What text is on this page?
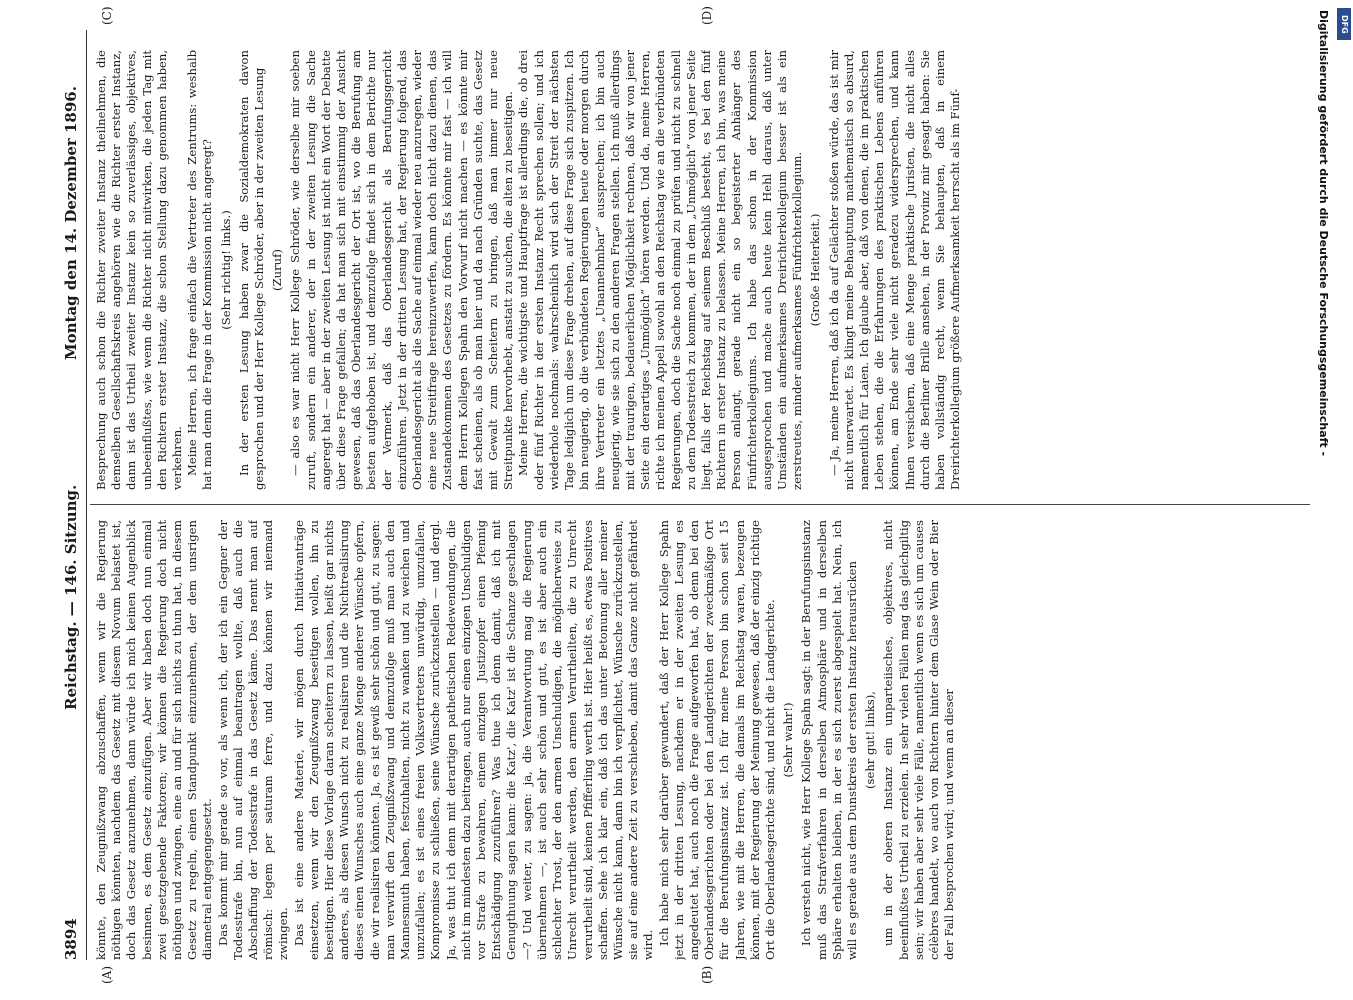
3894
Reichstag. — 146. Sitzung.
Montag den 14. Dezember 1896.
(A)	(B)
(C)	(D)

könnte, den Zeugnißzwang abzuschaffen, wenn wir die Regierung nöthigen könnten, nachdem das Gesetz mit diesem Novum belastet ist, doch das Gesetz anzunehmen, dann würde ich mich keinen Augenblick besinnen, es dem Gesetz einzufügen. Aber wir haben doch nun einmal zwei gesetzgebende Faktoren; wir können die Regierung doch nicht nöthigen und zwingen, eine an und für sich nichts zu thun hat, in diesem Gesetz zu regeln, einen Standpunkt einzunehmen, der dem unsrigen diametral entgegengesetzt. Das kommt mir gerade so vor, als wenn ich, der ich ein Gegner der Todesstrafe bin, nun auf einmal beantragen wollte, daß auch die Abschaffung der Todesstrafe in das Gesetz käme. Das nennt man auf römisch: legem per saturam ferre, und dazu können wir niemand zwingen. Das ist eine andere Materie, wir mögen durch Initiativanträge einsetzen, wenn wir den Zeugnißzwang beseitigen wollen, ihn zu beseitigen. Hier diese Vorlage daran scheitern zu lassen, heißt gar nichts anderes, als diesen Wunsch nicht zu realisiren und die Nichtrealisirung dieses einen Wunsches auch eine ganze Menge anderer Wünsche opfern, die wir realisiren könnten. Ja, es ist gewiß sehr schön und gut, zu sagen: man verwirft den Zeugnißzwang und demzufolge muß man auch den Mannesmuth haben, festzuhalten, nicht zu wanken und zu weichen und umzufallen; es ist eines freien Volksvertreters unwürdig, umzufallen, Kompromisse zu schließen, seine Wünsche zurückzustellen — und dergl. Ja, was thut ich denn mit derartigen pathetischen Redewendungen, die nicht im mindesten dazu beitragen, auch nur einen einzigen Unschuldigen vor Strafe zu bewahren, einem einzigen Justizopfer einen Pfennig Entschädigung zuzuführen? Was thue ich denn damit, daß ich mit Genugthuung sagen kann: die Katz', die Katz' ist die Schanze geschlagen —? Und weiter, zu sagen: ja, die Verantwortung mag die Regierung übernehmen —, ist auch sehr schön und gut, es ist aber auch ein schlechter Trost, der den armen Unschuldigen, die möglicherweise zu Unrecht verurtheilt werden, den armen Verurtheilten, die zu Unrecht verurtheilt sind, keinen Pfifferling werth ist. Hier heißt es, etwas Positives schaffen. Sehe ich klar ein, daß ich das unter Betonung aller meiner Wünsche nicht kann, dann bin ich verpflichtet, Wünsche zurückzustellen, sie auf eine andere Zeit zu verschieben, damit das Ganze nicht gefährdet wird. Ich habe mich sehr darüber gewundert, daß der Herr Kollege Spahn jetzt in der dritten Lesung, nachdem er in der zweiten Lesung es angedeutet hat, auch noch die Frage aufgeworfen hat, ob denn bei den Oberlandesgerichten oder bei den Landgerichten der zweckmäßige Ort für die Berufungsinstanz ist. Ich für meine Person bin schon seit 15 Jahren, wie mit die Herren, die damals im Reichstag waren, bezeugen können, mit der Regierung der Meinung gewesen, daß der einzig richtige Ort die Oberlandesgerichte sind, und nicht die Landgerichte. (Sehr wahr!) Ich versteh nicht, wie Herr Kollege Spahn sagt: in der Berufungsinstanz muß das Strafverfahren in derselben Atmosphäre und in derselben Sphäre erhalten bleiben, in der es sich zuerst abgespielt hat. Nein, ich will es gerade aus dem Dunstkreis der ersten Instanz herausrücken (sehr gut! links), um in der oberen Instanz ein unparteiisches, objektives, nicht beeinflußtes Urtheil zu erzielen. In sehr vielen Fällen mag das gleichgiltig sein; wir haben aber sehr viele Fälle, namentlich wenn es sich um causes célèbres handelt, wo auch von Richtern hinter dem Glase Wein oder Bier der Fall besprochen wird; und wenn an dieser

Besprechung auch schon die Richter zweiter Instanz theilnehmen, die demselben Gesellschaftskreis angehören wie die Richter erster Instanz, dann ist das Urtheil zweiter Instanz kein so zuverlässiges, objektives, unbeeinflußtes, wie wenn die Richter nicht mitwirken, die jeden Tag mit den Richtern erster Instanz, die schon Stellung dazu genommen haben, verkehren. Meine Herren, ich frage einfach die Vertreter des Zentrums: weshalb hat man denn die Frage in der Kommission nicht angeregt? (Sehr richtig! links.) In der ersten Lesung haben zwar die Sozialdemokraten davon gesprochen und der Herr Kollege Schröder, aber in der zweiten Lesung (Zuruf) — also es war nicht Herr Kollege Schröder, wie derselbe mir soeben zuruft, sondern ein anderer, der in der zweiten Lesung die Sache angeregt hat — aber in der zweiten Lesung ist nicht ein Wort der Debatte über diese Frage gefallen; da hat man sich mit einstimmig der Ansicht gewesen, daß das Oberlandesgericht der Ort ist, wo die Berufung am besten aufgehoben ist, und demzufolge findet sich in dem Berichte nur der Vermerk, daß das Oberlandesgericht als Berufungsgericht einzuführen. Jetzt in der dritten Lesung hat, der Regierung folgend, das Oberlandesgericht als die Sache auf einmal wieder neu anzuregen, wieder eine neue Streitfrage hereinzuwerfen, kann doch nicht dazu dienen, das Zustandekommen des Gesetzes zu fördern. Es könnte mir fast — ich will dem Herrn Kollegen Spahn den Vorwurf nicht machen — es könnte mir fast scheinen, als ob man hier und da nach Gründen suchte, das Gesetz mit Gewalt zum Scheitern zu bringen, daß man immer nur neue Streitpunkte hervorhebt, anstatt zu suchen, die alten zu beseitigen. Meine Herren, die wichtigste und Hauptfrage ist allerdings die, ob drei oder fünf Richter in der ersten Instanz Recht sprechen sollen; und ich wiederhole nochmals: wahrscheinlich wird sich der Streit der nächsten Tage lediglich um diese Frage drehen, auf diese Frage sich zuspitzen. Ich bin neugierig, ob die verbündeten Regierungen heute oder morgen durch ihre Vertreter ein letztes „Unannehmbar“ aussprechen; ich bin auch neugierig, wie sie sich zu den anderen Fragen stellen. Ich muß allerdings mit der traurigen, bedauerlichen Möglichkeit rechnen, daß wir von jener Seite ein derartiges „Unmöglich“ hören werden. Und da, meine Herren, richte ich meinen Appell sowohl an den Reichstag wie an die verbündeten Regierungen, doch die Sache noch einmal zu prüfen und nicht zu schnell zu dem Todesstreich zu kommen, der in dem „Unmöglich“ von jener Seite liegt, falls der Reichstag auf seinem Beschluß besteht, es bei den fünf Richtern in erster Instanz zu belassen. Meine Herren, ich bin, was meine Person anlangt, gerade nicht ein so begeisterter Anhänger des Fünfrichterkollegiums. Ich habe das schon in der Kommission ausgesprochen und mache auch heute kein Hehl daraus, daß unter Umständen ein aufmerksames Dreirichterkollegium besser ist als ein zerstreutes, minder aufmerksames Fünfrichterkollegium. (Große Heiterkeit.) — Ja, meine Herren, daß ich da auf Gelächter stoßen würde, das ist mir nicht unerwartet. Es klingt meine Behauptung mathematisch so absurd, namentlich für Laien. Ich glaube aber, daß von denen, die im praktischen Leben stehen, die die Erfahrungen des praktischen Lebens anführen können, am Ende sehr viele nicht geradezu widersprechen, und kann Ihnen versichern, daß eine Menge praktische Juristen, die nicht alles durch die Berliner Brille ansehen, in der Provinz mir gesagt haben: Sie haben vollständig recht, wenn Sie behaupten, daß in einem Dreirichterkollegium größere Aufmerksamkeit herrscht als im Fünf-

DFG
Digitalisierung gefördert durch die Deutsche Forschungsgemeinschaft -
